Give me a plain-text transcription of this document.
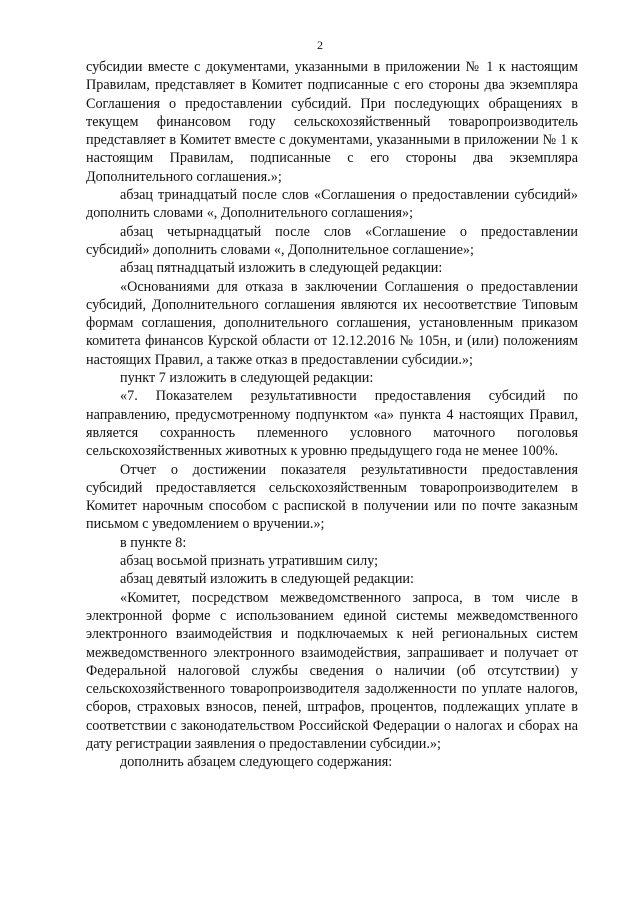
2

субсидии вместе с документами, указанными в приложении № 1 к настоящим Правилам, представляет в Комитет подписанные с его стороны два экземпляра Соглашения о предоставлении субсидий. При последующих обращениях в текущем финансовом году сельскохозяйственный товаропроизводитель представляет в Комитет вместе с документами, указанными в приложении № 1 к настоящим Правилам, подписанные с его стороны два экземпляра Дополнительного соглашения.»;

абзац тринадцатый после слов «Соглашения о предоставлении субсидий» дополнить словами «, Дополнительного соглашения»;

абзац четырнадцатый после слов «Соглашение о предоставлении субсидий» дополнить словами «, Дополнительное соглашение»;

абзац пятнадцатый изложить в следующей редакции:

«Основаниями для отказа в заключении Соглашения о предоставлении субсидий, Дополнительного соглашения являются их несоответствие Типовым формам соглашения, дополнительного соглашения, установленным приказом комитета финансов Курской области от 12.12.2016 № 105н, и (или) положениям настоящих Правил, а также отказ в предоставлении субсидии.»;

пункт 7 изложить в следующей редакции:

«7. Показателем результативности предоставления субсидий по направлению, предусмотренному подпунктом «а» пункта 4 настоящих Правил, является сохранность племенного условного маточного поголовья сельскохозяйственных животных к уровню предыдущего года не менее 100%.

Отчет о достижении показателя результативности предоставления субсидий предоставляется сельскохозяйственным товаропроизводителем в Комитет нарочным способом с распиской в получении или по почте заказным письмом с уведомлением о вручении.»;

в пункте 8:

абзац восьмой признать утратившим силу;

абзац девятый изложить в следующей редакции:

«Комитет, посредством межведомственного запроса, в том числе в электронной форме с использованием единой системы межведомственного электронного взаимодействия и подключаемых к ней региональных систем межведомственного электронного взаимодействия, запрашивает и получает от Федеральной налоговой службы сведения о наличии (об отсутствии) у сельскохозяйственного товаропроизводителя задолженности по уплате налогов, сборов, страховых взносов, пеней, штрафов, процентов, подлежащих уплате в соответствии с законодательством Российской Федерации о налогах и сборах на дату регистрации заявления о предоставлении субсидии.»;

дополнить абзацем следующего содержания:
